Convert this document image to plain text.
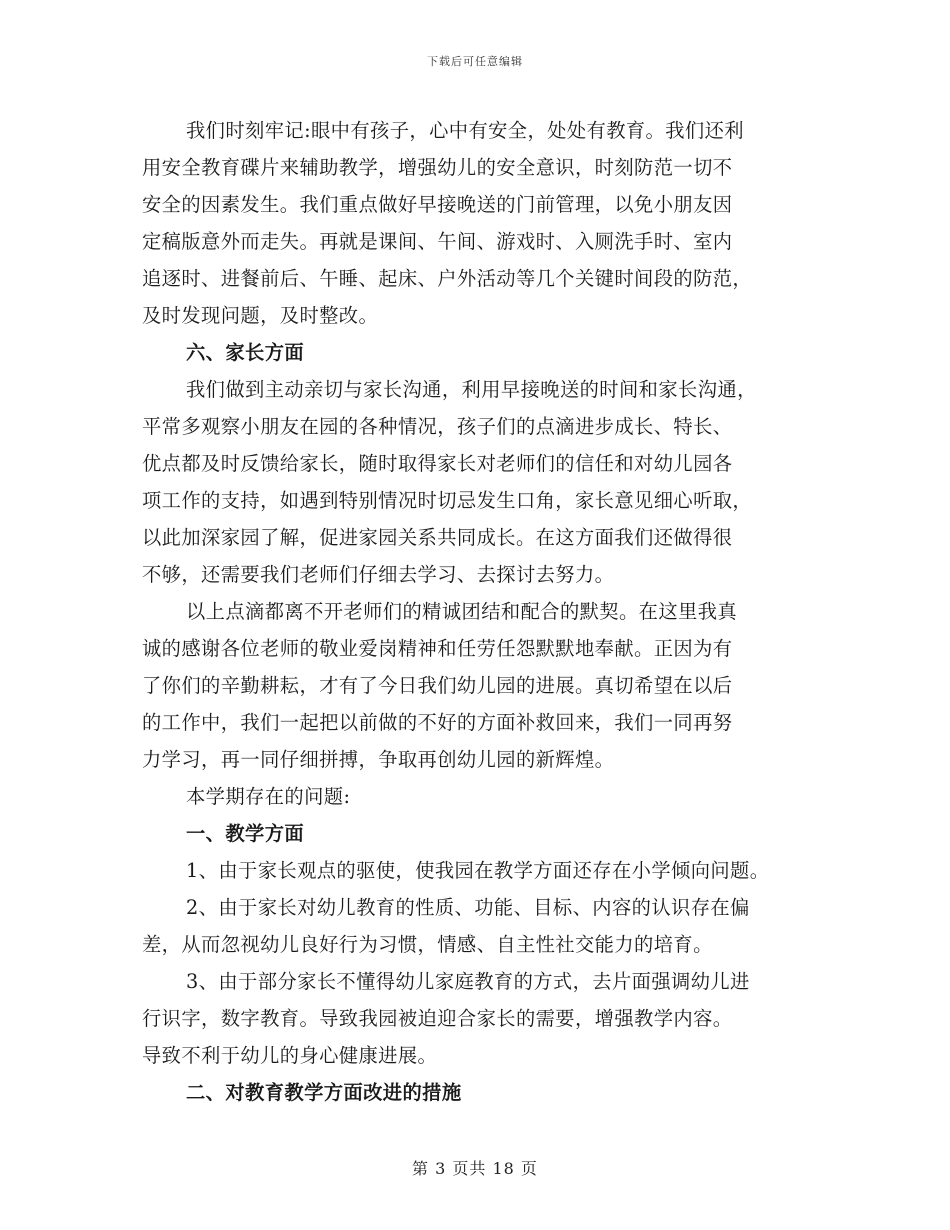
下载后可任意编辑
我们时刻牢记:眼中有孩子，心中有安全，处处有教育。我们还利
用安全教育碟片来辅助教学，增强幼儿的安全意识，时刻防范一切不
安全的因素发生。我们重点做好早接晚送的门前管理，以免小朋友因
定稿版意外而走失。再就是课间、午间、游戏时、入厕洗手时、室内
追逐时、进餐前后、午睡、起床、户外活动等几个关键时间段的防范，
及时发现问题，及时整改。
六、家长方面
我们做到主动亲切与家长沟通，利用早接晚送的时间和家长沟通，
平常多观察小朋友在园的各种情况，孩子们的点滴进步成长、特长、
优点都及时反馈给家长，随时取得家长对老师们的信任和对幼儿园各
项工作的支持，如遇到特别情况时切忌发生口角，家长意见细心听取，
以此加深家园了解，促进家园关系共同成长。在这方面我们还做得很
不够，还需要我们老师们仔细去学习、去探讨去努力。
以上点滴都离不开老师们的精诚团结和配合的默契。在这里我真
诚的感谢各位老师的敬业爱岗精神和任劳任怨默默地奉献。正因为有
了你们的辛勤耕耘，才有了今日我们幼儿园的进展。真切希望在以后
的工作中，我们一起把以前做的不好的方面补救回来，我们一同再努
力学习，再一同仔细拼搏，争取再创幼儿园的新辉煌。
本学期存在的问题:
一、教学方面
1、由于家长观点的驱使，使我园在教学方面还存在小学倾向问题。
2、由于家长对幼儿教育的性质、功能、目标、内容的认识存在偏
差，从而忽视幼儿良好行为习惯，情感、自主性社交能力的培育。
3、由于部分家长不懂得幼儿家庭教育的方式，去片面强调幼儿进
行识字，数字教育。导致我园被迫迎合家长的需要，增强教学内容。
导致不利于幼儿的身心健康进展。
二、对教育教学方面改进的措施
第 3 页共 18 页
